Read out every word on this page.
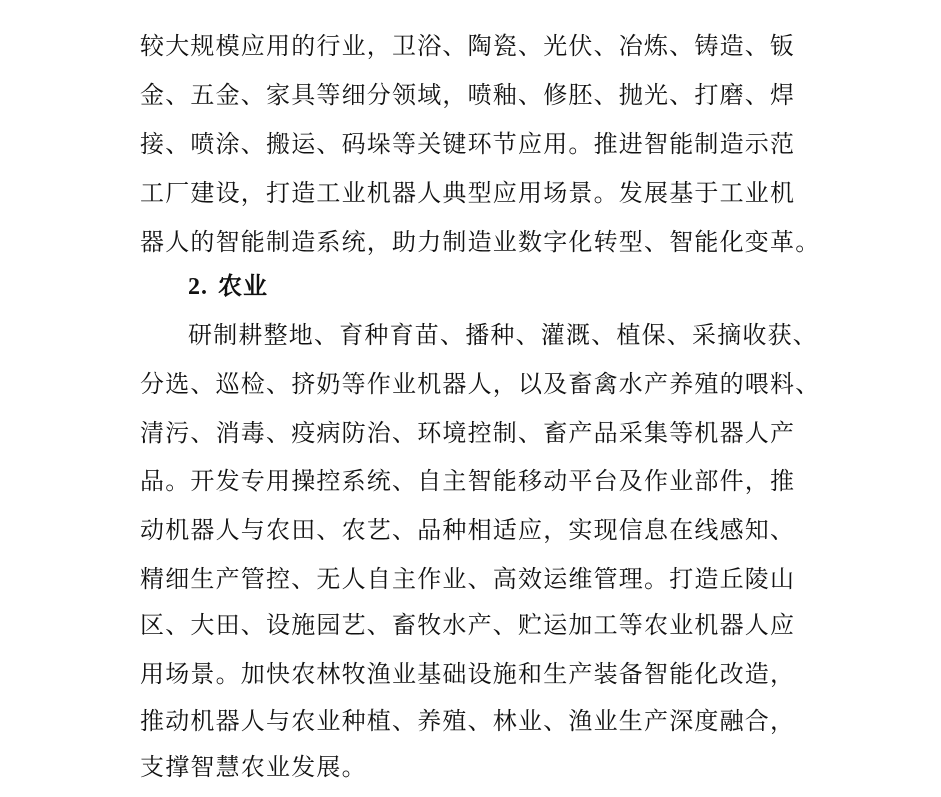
较大规模应用的行业，卫浴、陶瓷、光伏、冶炼、铸造、钣
金、五金、家具等细分领域，喷釉、修胚、抛光、打磨、焊
接、喷涂、搬运、码垛等关键环节应用。推进智能制造示范
工厂建设，打造工业机器人典型应用场景。发展基于工业机
器人的智能制造系统，助力制造业数字化转型、智能化变革。
2. 农业
研制耕整地、育种育苗、播种、灌溉、植保、采摘收获、
分选、巡检、挤奶等作业机器人，以及畜禽水产养殖的喂料、
清污、消毒、疫病防治、环境控制、畜产品采集等机器人产
品。开发专用操控系统、自主智能移动平台及作业部件，推
动机器人与农田、农艺、品种相适应，实现信息在线感知、
精细生产管控、无人自主作业、高效运维管理。打造丘陵山
区、大田、设施园艺、畜牧水产、贮运加工等农业机器人应
用场景。加快农林牧渔业基础设施和生产装备智能化改造，
推动机器人与农业种植、养殖、林业、渔业生产深度融合，
支撑智慧农业发展。
